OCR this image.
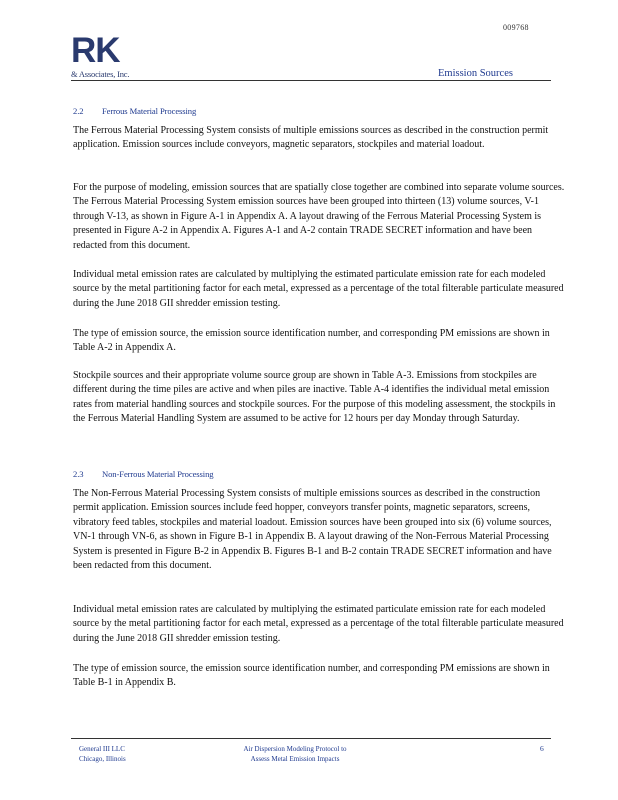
009768
RK
& Associates, Inc.	Emission Sources
2.2 Ferrous Material Processing

The Ferrous Material Processing System consists of multiple emissions sources as described in the construction permit application. Emission sources include conveyors, magnetic separators, stockpiles and material loadout.

For the purpose of modeling, emission sources that are spatially close together are combined into separate volume sources. The Ferrous Material Processing System emission sources have been grouped into thirteen (13) volume sources, V-1 through V-13, as shown in Figure A-1 in Appendix A. A layout drawing of the Ferrous Material Processing System is presented in Figure A-2 in Appendix A. Figures A-1 and A-2 contain TRADE SECRET information and have been redacted from this document.

Individual metal emission rates are calculated by multiplying the estimated particulate emission rate for each modeled source by the metal partitioning factor for each metal, expressed as a percentage of the total filterable particulate measured during the June 2018 GII shredder emission testing.

The type of emission source, the emission source identification number, and corresponding PM emissions are shown in Table A-2 in Appendix A.

Stockpile sources and their appropriate volume source group are shown in Table A-3. Emissions from stockpiles are different during the time piles are active and when piles are inactive. Table A-4 identifies the individual metal emission rates from material handling sources and stockpile sources. For the purpose of this modeling assessment, the stockpils in the Ferrous Material Handling System are assumed to be active for 12 hours per day Monday through Saturday.

2.3 Non-Ferrous Material Processing

The Non-Ferrous Material Processing System consists of multiple emissions sources as described in the construction permit application. Emission sources include feed hopper, conveyors transfer points, magnetic separators, screens, vibratory feed tables, stockpiles and material loadout. Emission sources have been grouped into six (6) volume sources, VN-1 through VN-6, as shown in Figure B-1 in Appendix B. A layout drawing of the Non-Ferrous Material Processing System is presented in Figure B-2 in Appendix B. Figures B-1 and B-2 contain TRADE SECRET information and have been redacted from this document.

Individual metal emission rates are calculated by multiplying the estimated particulate emission rate for each modeled source by the metal partitioning factor for each metal, expressed as a percentage of the total filterable particulate measured during the June 2018 GII shredder emission testing.

The type of emission source, the emission source identification number, and corresponding PM emissions are shown in Table B-1 in Appendix B.

General III LLC
Chicago, Illinois
Air Dispersion Modeling Protocol to
Assess Metal Emission Impacts
6
